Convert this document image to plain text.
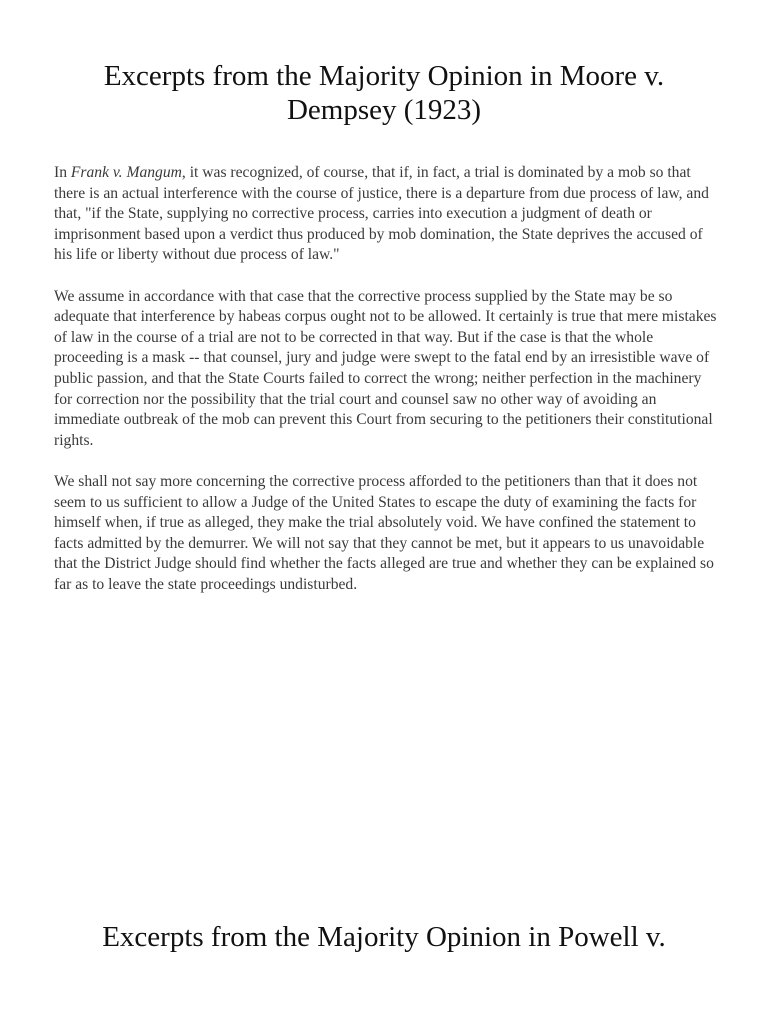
Excerpts from the Majority Opinion in Moore v. Dempsey (1923)

In Frank v. Mangum, it was recognized, of course, that if, in fact, a trial is dominated by a mob so that there is an actual interference with the course of justice, there is a departure from due process of law, and that, "if the State, supplying no corrective process, carries into execution a judgment of death or imprisonment based upon a verdict thus produced by mob domination, the State deprives the accused of his life or liberty without due process of law."

We assume in accordance with that case that the corrective process supplied by the State may be so adequate that interference by habeas corpus ought not to be allowed. It certainly is true that mere mistakes of law in the course of a trial are not to be corrected in that way. But if the case is that the whole proceeding is a mask -- that counsel, jury and judge were swept to the fatal end by an irresistible wave of public passion, and that the State Courts failed to correct the wrong; neither perfection in the machinery for correction nor the possibility that the trial court and counsel saw no other way of avoiding an immediate outbreak of the mob can prevent this Court from securing to the petitioners their constitutional rights.

We shall not say more concerning the corrective process afforded to the petitioners than that it does not seem to us sufficient to allow a Judge of the United States to escape the duty of examining the facts for himself when, if true as alleged, they make the trial absolutely void. We have confined the statement to facts admitted by the demurrer. We will not say that they cannot be met, but it appears to us unavoidable that the District Judge should find whether the facts alleged are true and whether they can be explained so far as to leave the state proceedings undisturbed.

Excerpts from the Majority Opinion in Powell v.
